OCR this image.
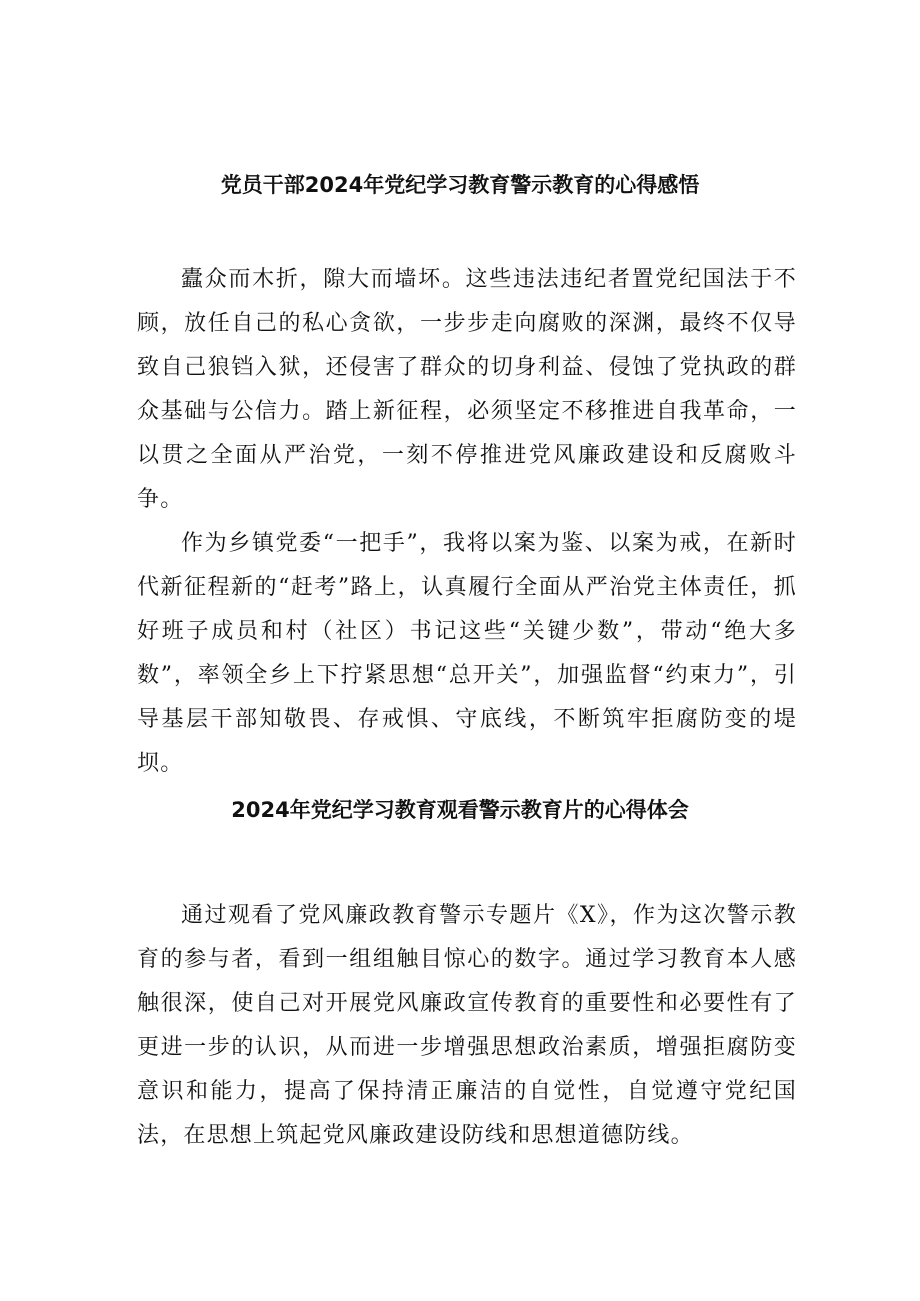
党员干部2024年党纪学习教育警示教育的心得感悟

蠹众而木折，隙大而墙坏。这些违法违纪者置党纪国法于不顾，放任自己的私心贪欲，一步步走向腐败的深渊，最终不仅导致自己狼铛入狱，还侵害了群众的切身利益、侵蚀了党执政的群众基础与公信力。踏上新征程，必须坚定不移推进自我革命，一以贯之全面从严治党，一刻不停推进党风廉政建设和反腐败斗争。

作为乡镇党委“一把手”，我将以案为鉴、以案为戒，在新时代新征程新的“赶考”路上，认真履行全面从严治党主体责任，抓好班子成员和村（社区）书记这些“关键少数”，带动“绝大多数”，率领全乡上下拧紧思想“总开关”，加强监督“约束力”，引导基层干部知敬畏、存戒惧、守底线，不断筑牢拒腐防变的堤坝。

2024年党纪学习教育观看警示教育片的心得体会

通过观看了党风廉政教育警示专题片《X》，作为这次警示教育的参与者，看到一组组触目惊心的数字。通过学习教育本人感触很深，使自己对开展党风廉政宣传教育的重要性和必要性有了更进一步的认识，从而进一步增强思想政治素质，增强拒腐防变意识和能力，提高了保持清正廉洁的自觉性，自觉遵守党纪国法，在思想上筑起党风廉政建设防线和思想道德防线。
